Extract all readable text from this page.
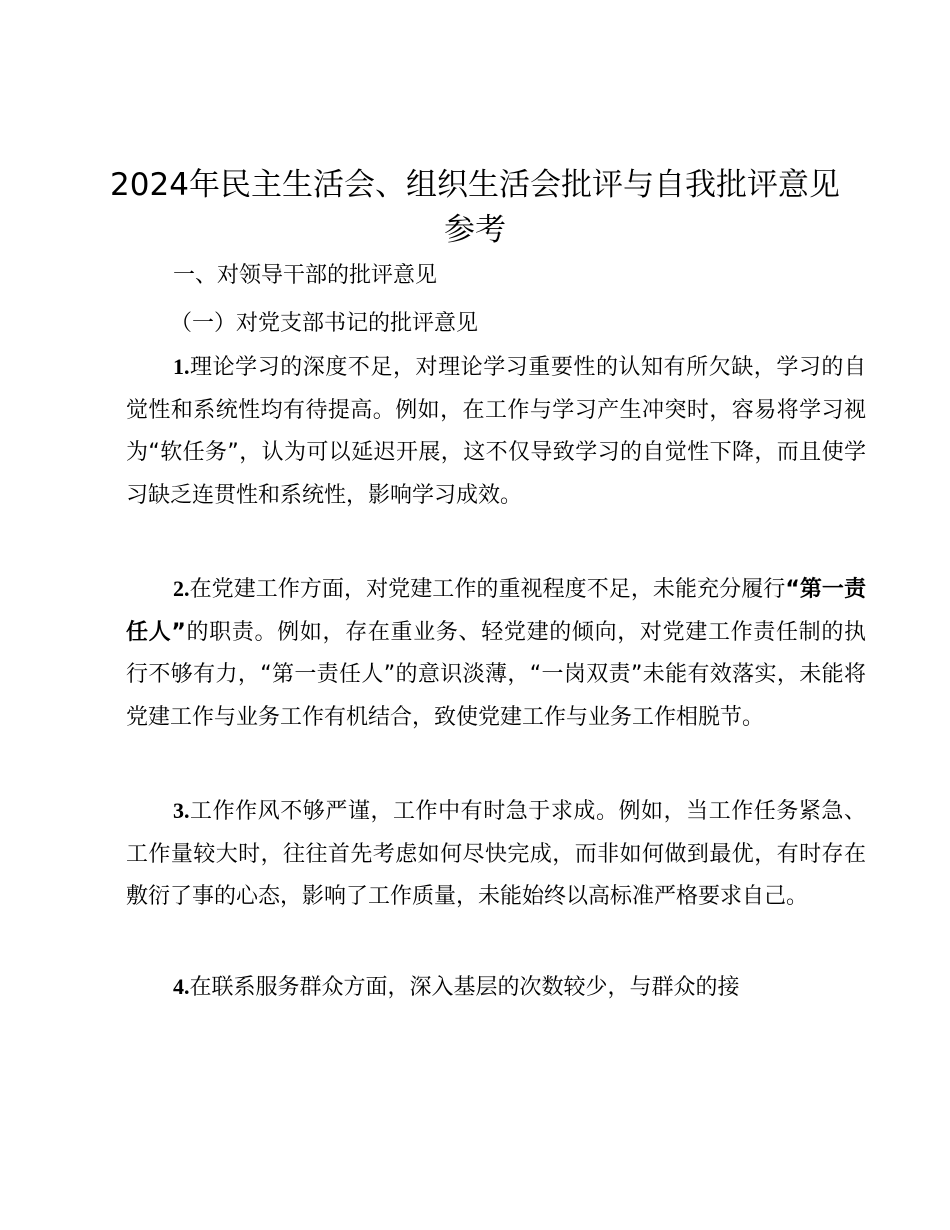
2024年民主生活会、组织生活会批评与自我批评意见参考

一、对领导干部的批评意见

（一）对党支部书记的批评意见

1.理论学习的深度不足，对理论学习重要性的认知有所欠缺，学习的自觉性和系统性均有待提高。例如，在工作与学习产生冲突时，容易将学习视为“软任务”，认为可以延迟开展，这不仅导致学习的自觉性下降，而且使学习缺乏连贯性和系统性，影响学习成效。

2.在党建工作方面，对党建工作的重视程度不足，未能充分履行“第一责任人”的职责。例如，存在重业务、轻党建的倾向，对党建工作责任制的执行不够有力，“第一责任人”的意识淡薄，“一岗双责”未能有效落实，未能将党建工作与业务工作有机结合，致使党建工作与业务工作相脱节。

3.工作作风不够严谨，工作中有时急于求成。例如，当工作任务紧急、工作量较大时，往往首先考虑如何尽快完成，而非如何做到最优，有时存在敷衍了事的心态，影响了工作质量，未能始终以高标准严格要求自己。

4.在联系服务群众方面，深入基层的次数较少，与群众的接
